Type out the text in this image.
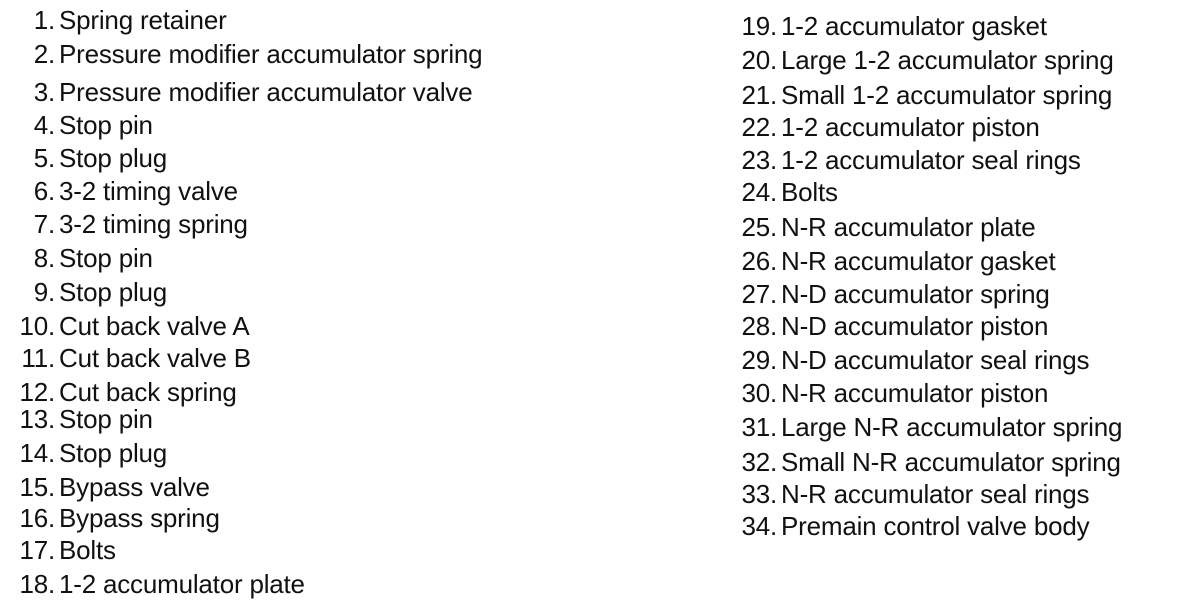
1. Spring retainer
2. Pressure modifier accumulator spring
3. Pressure modifier accumulator valve
4. Stop pin
5. Stop plug
6. 3-2 timing valve
7. 3-2 timing spring
8. Stop pin
9. Stop plug
10. Cut back valve A
11. Cut back valve B
12. Cut back spring
13. Stop pin
14. Stop plug
15. Bypass valve
16. Bypass spring
17. Bolts
18. 1-2 accumulator plate
19. 1-2 accumulator gasket
20. Large 1-2 accumulator spring
21. Small 1-2 accumulator spring
22. 1-2 accumulator piston
23. 1-2 accumulator seal rings
24. Bolts
25. N-R accumulator plate
26. N-R accumulator gasket
27. N-D accumulator spring
28. N-D accumulator piston
29. N-D accumulator seal rings
30. N-R accumulator piston
31. Large N-R accumulator spring
32. Small N-R accumulator spring
33. N-R accumulator seal rings
34. Premain control valve body
